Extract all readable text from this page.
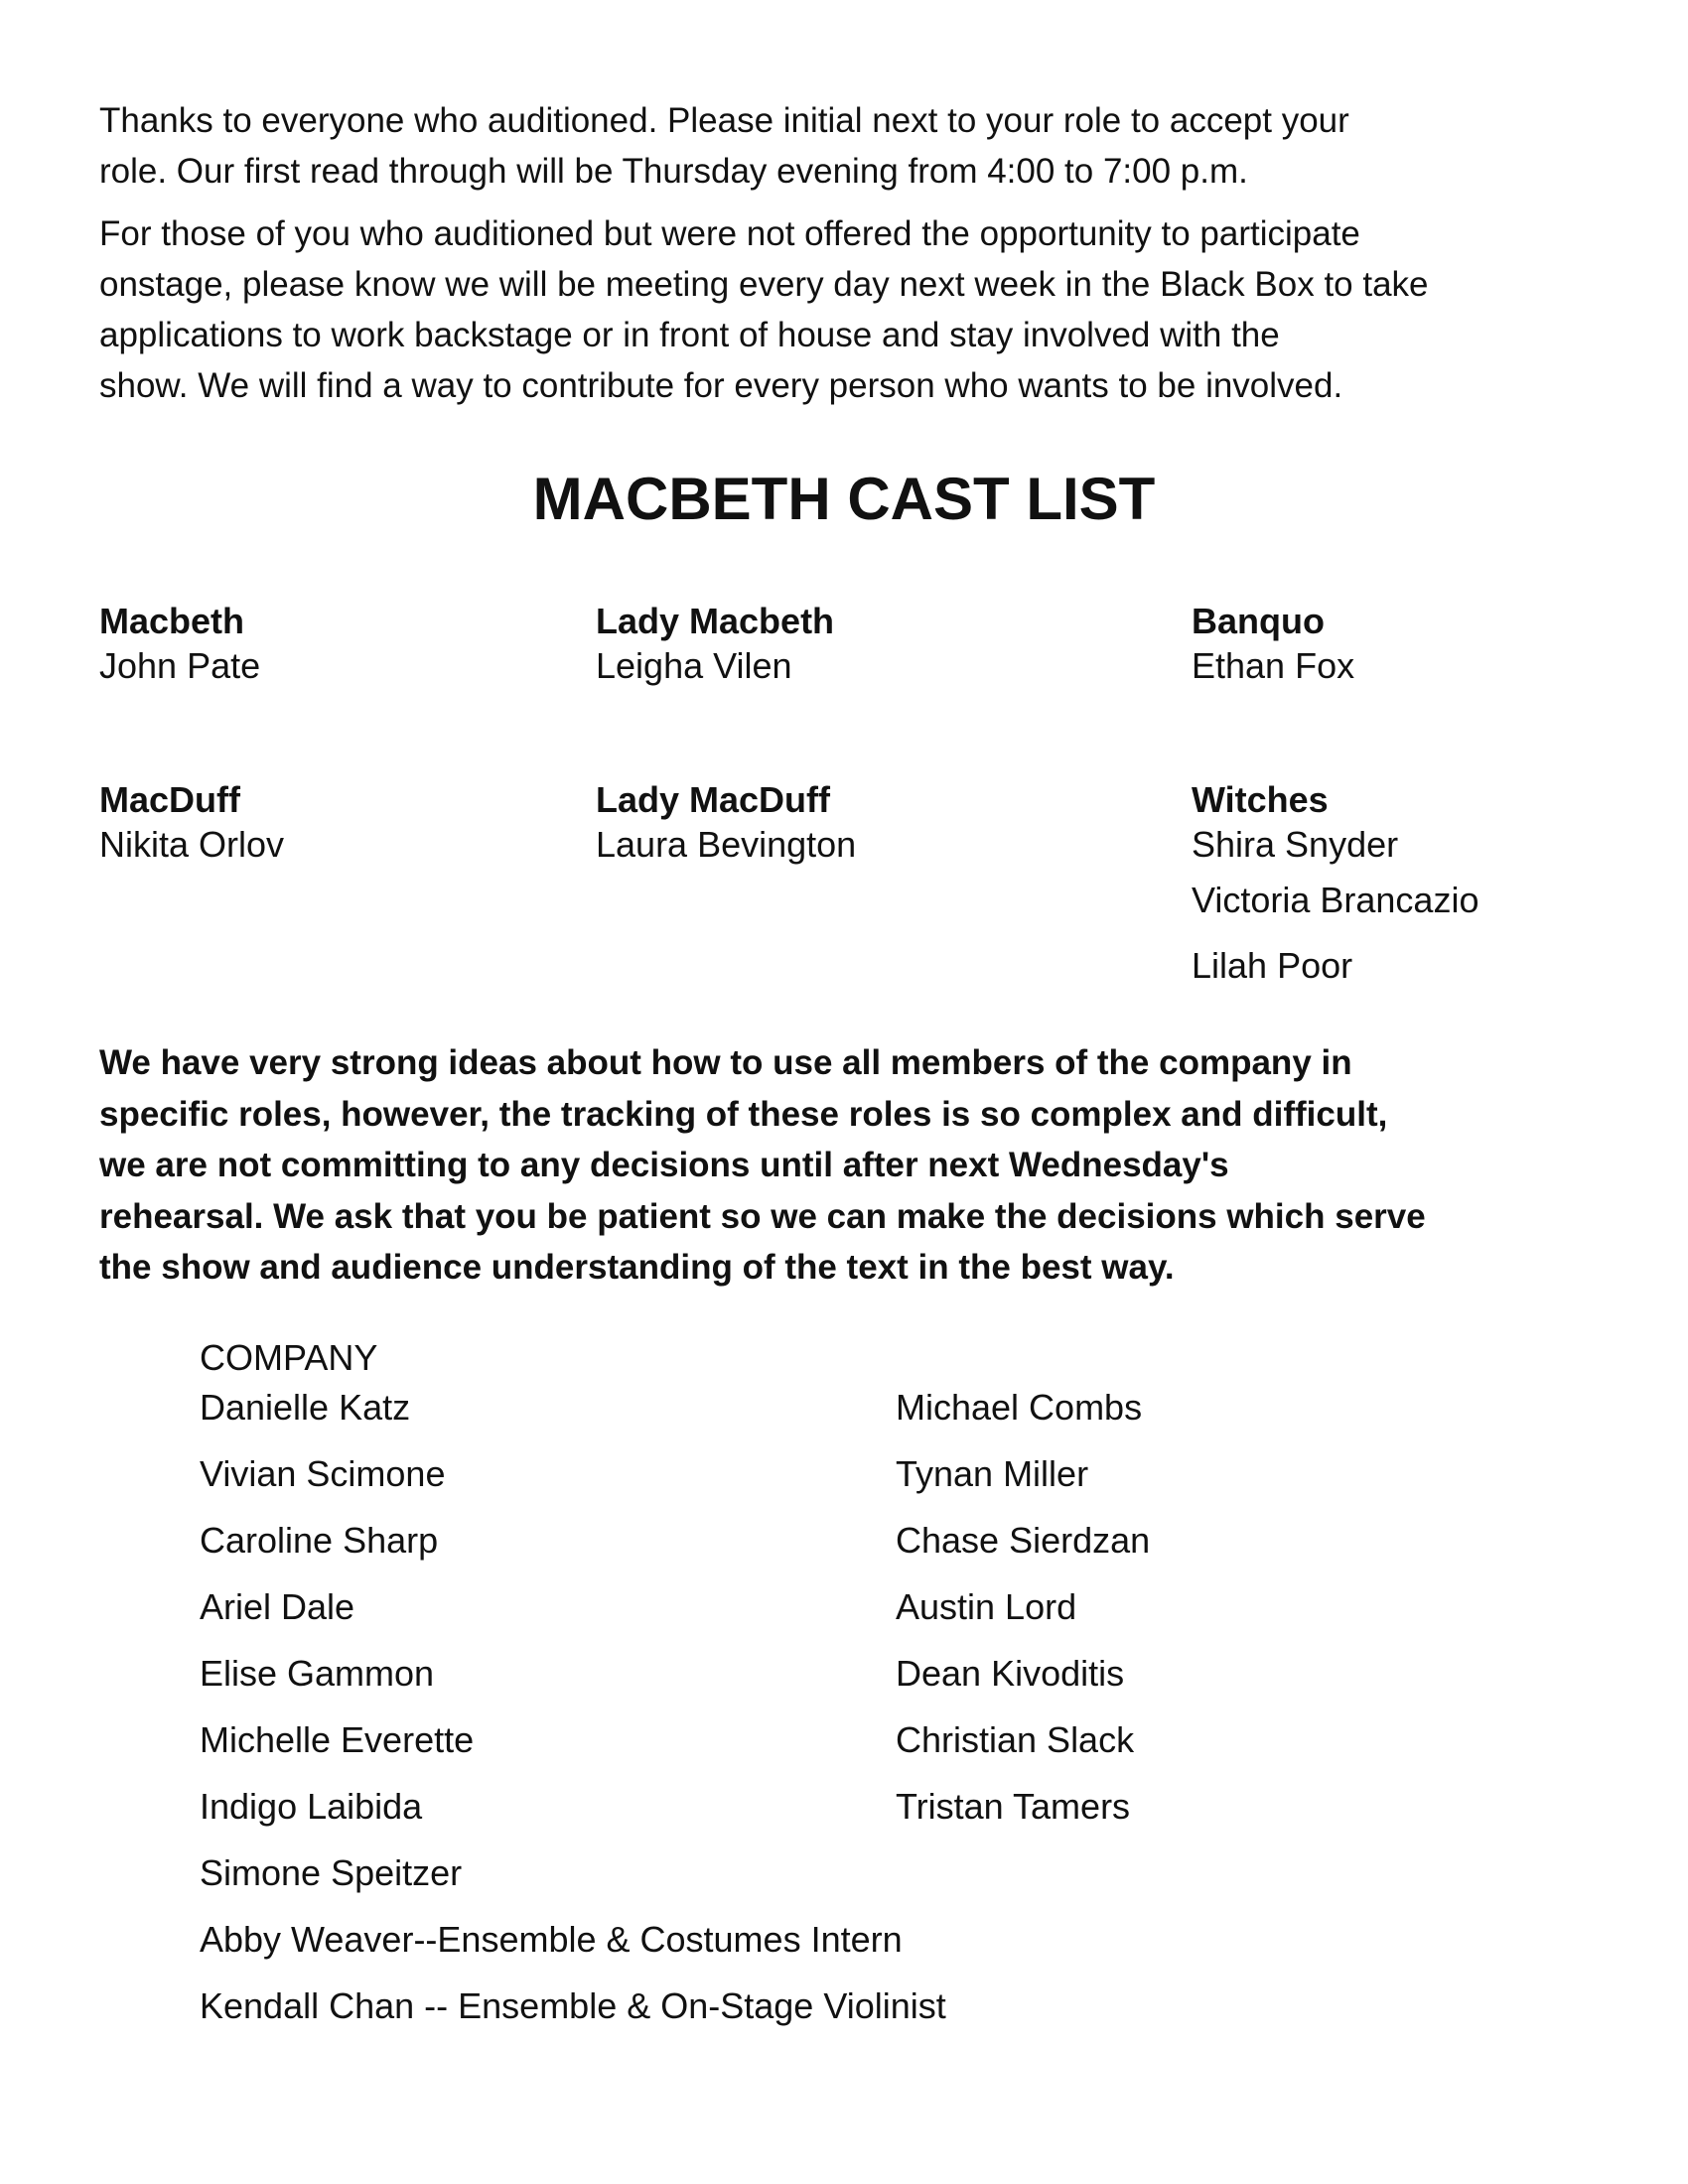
Thanks to everyone who auditioned. Please initial next to your role to accept your
role. Our first read through will be Thursday evening from 4:00 to 7:00 p.m.

For those of you who auditioned but were not offered the opportunity to participate
onstage, please know we will be meeting every day next week in the Black Box to take
applications to work backstage or in front of house and stay involved with the
show. We will find a way to contribute for every person who wants to be involved.

MACBETH CAST LIST
Macbeth
John Pate
Lady Macbeth
Leigha Vilen
Banquo
Ethan Fox
MacDuff
Nikita Orlov
Lady MacDuff
Laura Bevington
Witches
Shira Snyder
Victoria Brancazio
Lilah Poor

We have very strong ideas about how to use all members of the company in
specific roles, however, the tracking of these roles is so complex and difficult,
we are not committing to any decisions until after next Wednesday's
rehearsal. We ask that you be patient so we can make the decisions which serve
the show and audience understanding of the text in the best way.

COMPANY
Danielle Katz
Vivian Scimone
Caroline Sharp
Ariel Dale
Elise Gammon
Michelle Everette
Indigo Laibida
Simone Speitzer
Abby Weaver--Ensemble & Costumes Intern
Kendall Chan -- Ensemble & On-Stage Violinist
Michael Combs
Tynan Miller
Chase Sierdzan
Austin Lord
Dean Kivoditis
Christian Slack
Tristan Tamers
